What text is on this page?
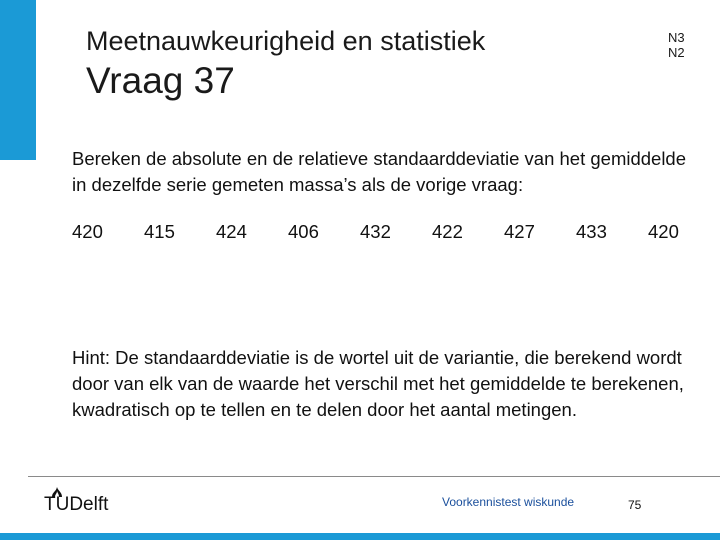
Meetnauwkeurigheid en statistiek
Vraag 37
N3
N2
Bereken de absolute en de relatieve standaarddeviatie van het gemiddelde in dezelfde serie gemeten massa’s als de vorige vraag:
420 415 424 406 432 422 427 433 420
Hint: De standaarddeviatie is de wortel uit de variantie, die berekend wordt door van elk van de waarde het verschil met het gemiddelde te berekenen, kwadratisch op te tellen en te delen door het aantal metingen.
TUDelft	Voorkennistest wiskunde	75
